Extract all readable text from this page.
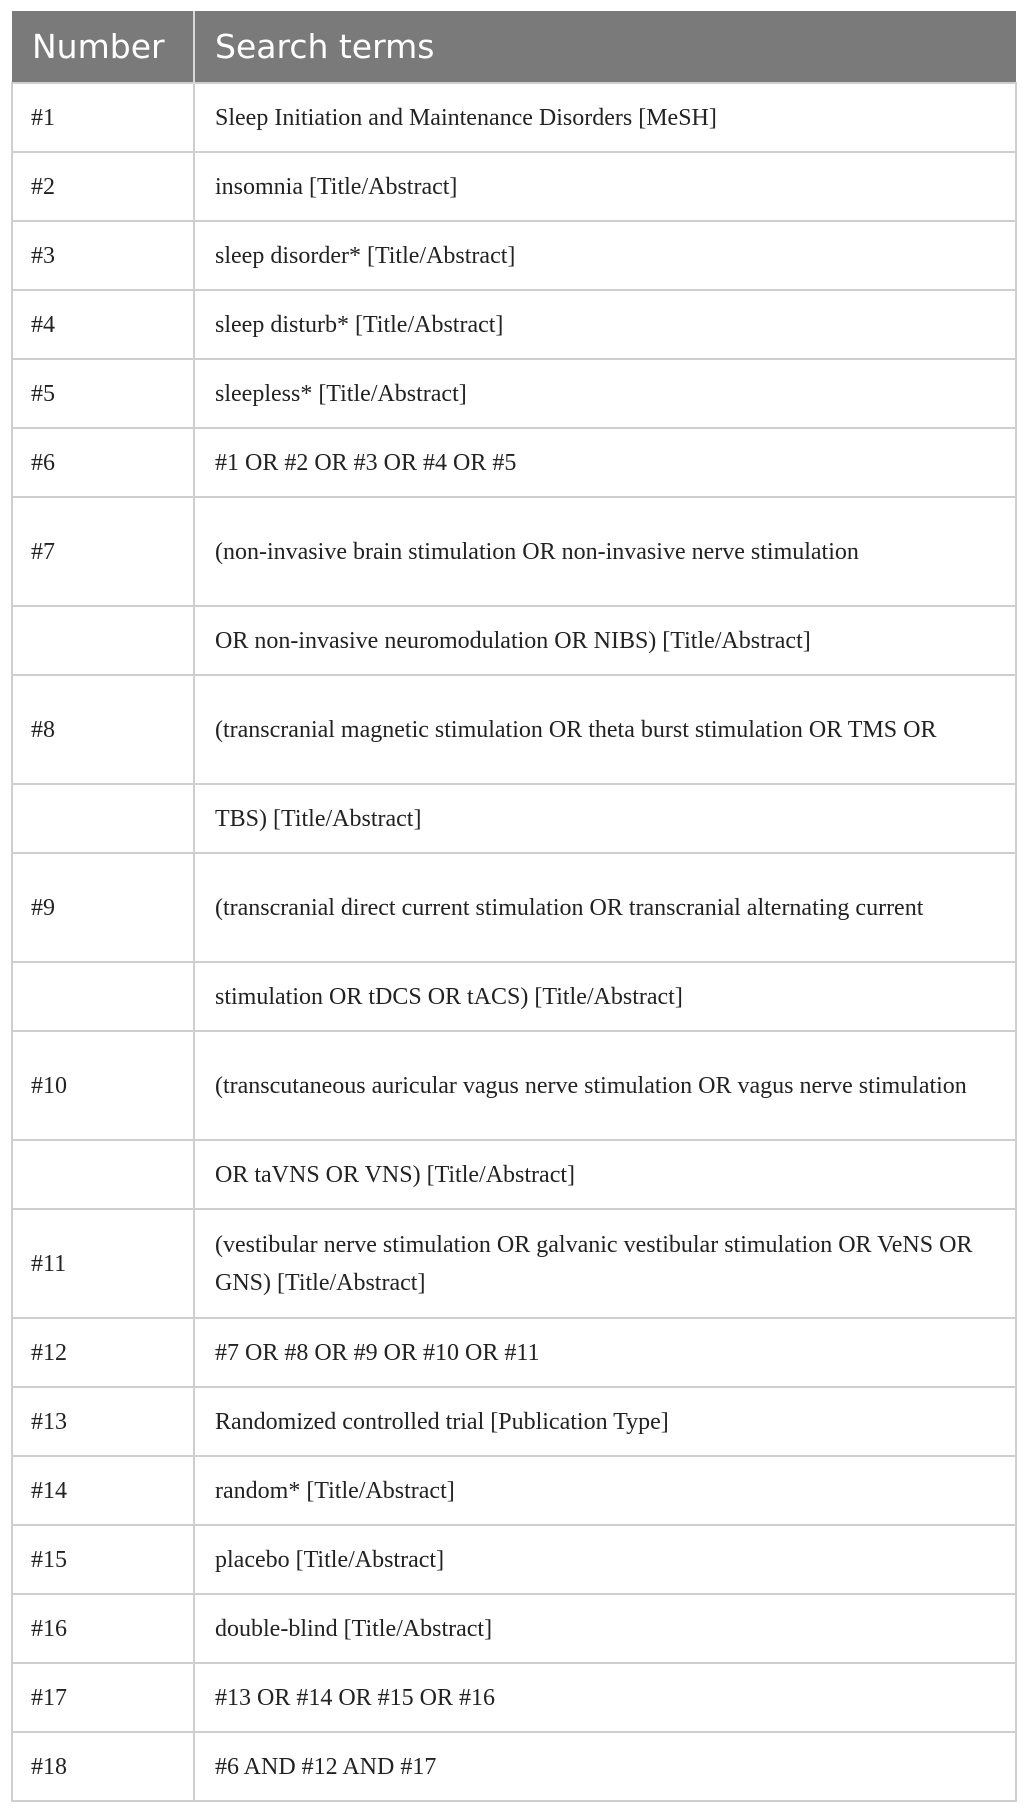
Number	Search terms
#1	Sleep Initiation and Maintenance Disorders [MeSH]
#2	insomnia [Title/Abstract]
#3	sleep disorder* [Title/Abstract]
#4	sleep disturb* [Title/Abstract]
#5	sleepless* [Title/Abstract]
#6	#1 OR #2 OR #3 OR #4 OR #5
#7	(non-invasive brain stimulation OR non-invasive nerve stimulation
	OR non-invasive neuromodulation OR NIBS) [Title/Abstract]
#8	(transcranial magnetic stimulation OR theta burst stimulation OR TMS OR
	TBS) [Title/Abstract]
#9	(transcranial direct current stimulation OR transcranial alternating current
	stimulation OR tDCS OR tACS) [Title/Abstract]
#10	(transcutaneous auricular vagus nerve stimulation OR vagus nerve stimulation
	OR taVNS OR VNS) [Title/Abstract]
#11	(vestibular nerve stimulation OR galvanic vestibular stimulation OR VeNS OR GNS) [Title/Abstract]
#12	#7 OR #8 OR #9 OR #10 OR #11
#13	Randomized controlled trial [Publication Type]
#14	random* [Title/Abstract]
#15	placebo [Title/Abstract]
#16	double-blind [Title/Abstract]
#17	#13 OR #14 OR #15 OR #16
#18	#6 AND #12 AND #17
